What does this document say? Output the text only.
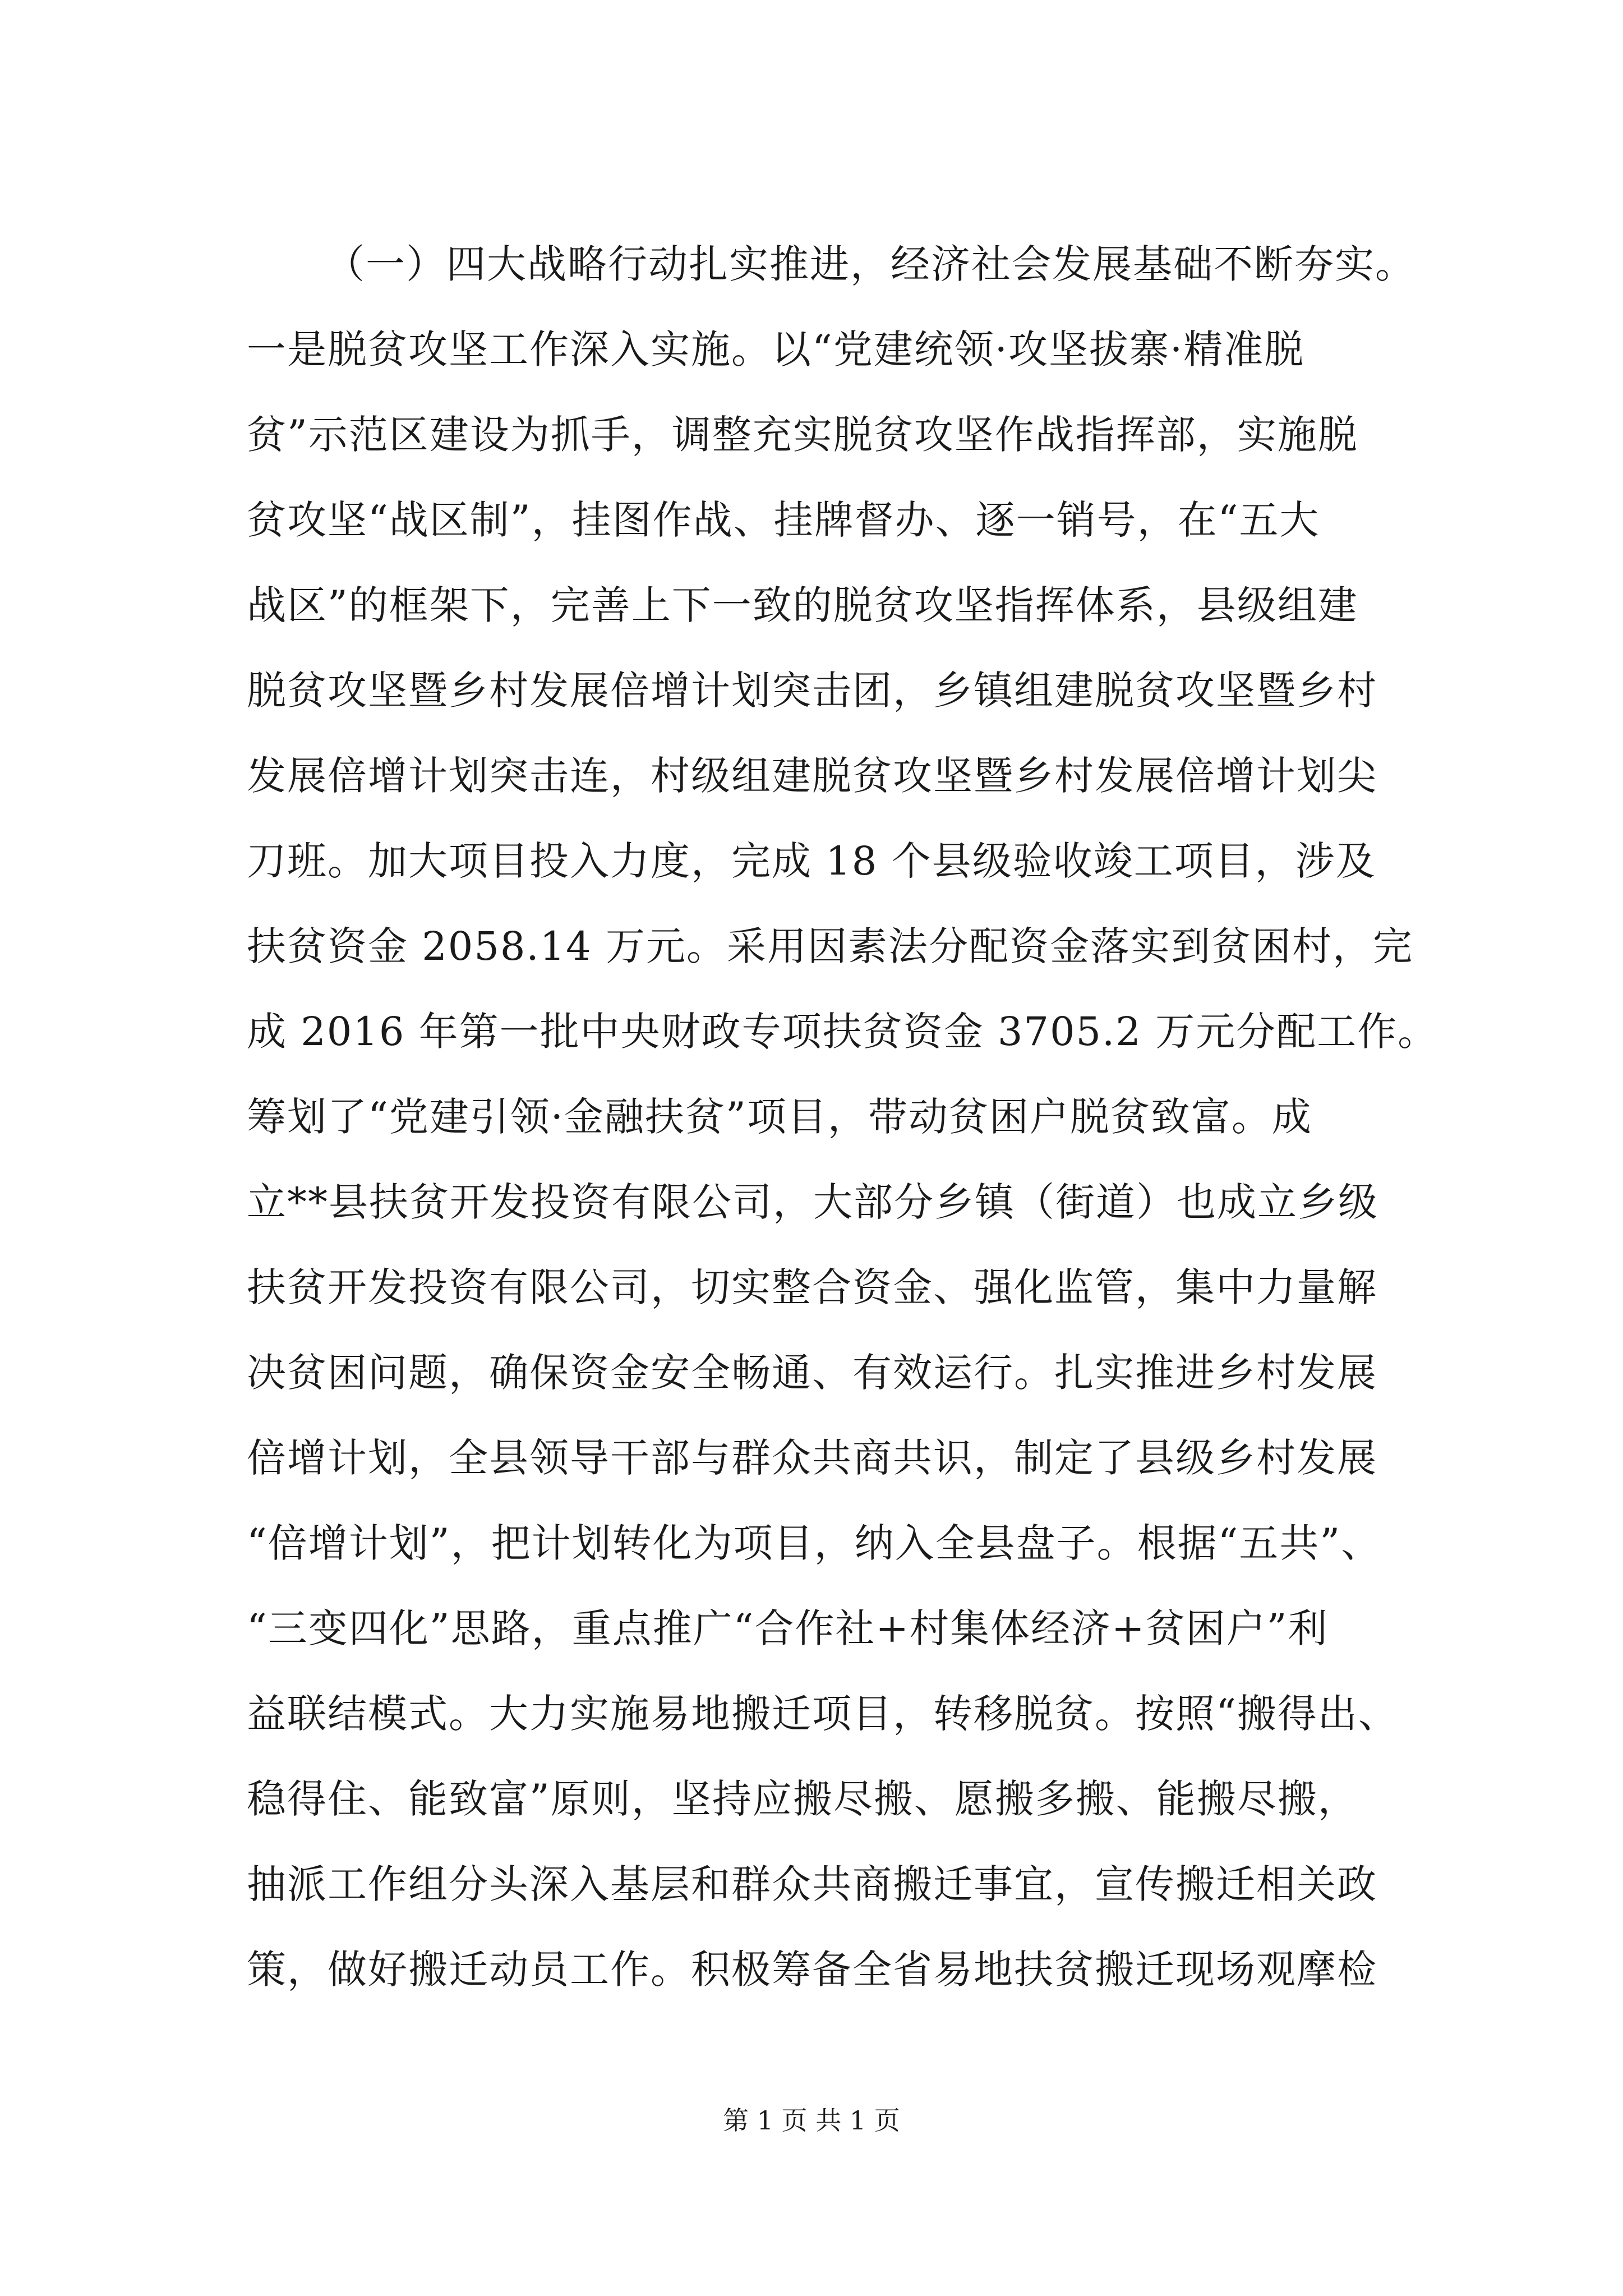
（一）四大战略行动扎实推进，经济社会发展基础不断夯实。
一是脱贫攻坚工作深入实施。以“党建统领·攻坚拔寨·精准脱
贫”示范区建设为抓手，调整充实脱贫攻坚作战指挥部，实施脱
贫攻坚“战区制”，挂图作战、挂牌督办、逐一销号，在“五大
战区”的框架下，完善上下一致的脱贫攻坚指挥体系，县级组建
脱贫攻坚暨乡村发展倍增计划突击团，乡镇组建脱贫攻坚暨乡村
发展倍增计划突击连，村级组建脱贫攻坚暨乡村发展倍增计划尖
刀班。加大项目投入力度，完成 18 个县级验收竣工项目，涉及
扶贫资金 2058.14 万元。采用因素法分配资金落实到贫困村，完
成 2016 年第一批中央财政专项扶贫资金 3705.2 万元分配工作。
筹划了“党建引领·金融扶贫”项目，带动贫困户脱贫致富。成
立**县扶贫开发投资有限公司，大部分乡镇（街道）也成立乡级
扶贫开发投资有限公司，切实整合资金、强化监管，集中力量解
决贫困问题，确保资金安全畅通、有效运行。扎实推进乡村发展
倍增计划，全县领导干部与群众共商共识，制定了县级乡村发展
“倍增计划”，把计划转化为项目，纳入全县盘子。根据“五共”、
“三变四化”思路，重点推广“合作社+村集体经济+贫困户”利
益联结模式。大力实施易地搬迁项目，转移脱贫。按照“搬得出、
稳得住、能致富”原则，坚持应搬尽搬、愿搬多搬、能搬尽搬，
抽派工作组分头深入基层和群众共商搬迁事宜，宣传搬迁相关政
策，做好搬迁动员工作。积极筹备全省易地扶贫搬迁现场观摩检
第 1 页 共 1 页
